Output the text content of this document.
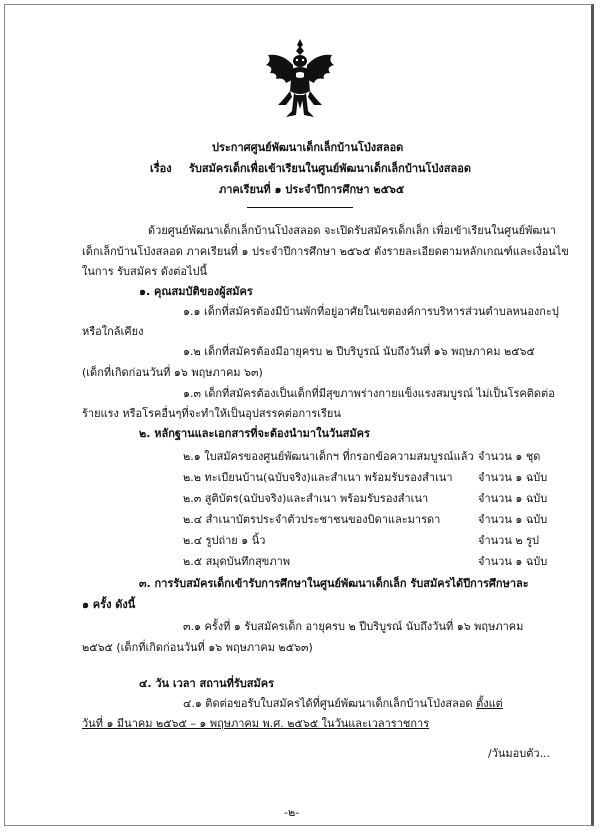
ประกาศศูนย์พัฒนาเด็กเล็กบ้านโป่งสลอด
เรื่อง รับสมัครเด็กเพื่อเข้าเรียนในศูนย์พัฒนาเด็กเล็กบ้านโป่งสลอด
ภาคเรียนที่ ๑ ประจำปีการศึกษา ๒๕๖๕
ด้วยศูนย์พัฒนาเด็กเล็กบ้านโป่งสลอด จะเปิดรับสมัครเด็กเล็ก เพื่อเข้าเรียนในศูนย์พัฒนา
เด็กเล็กบ้านโป่งสลอด ภาคเรียนที่ ๑ ประจำปีการศึกษา ๒๕๖๕ ดังรายละเอียดตามหลักเกณฑ์และเงื่อนไข
ในการ รับสมัคร ดังต่อไปนี้
๑. คุณสมบัติของผู้สมัคร
๑.๑ เด็กที่สมัครต้องมีบ้านพักที่อยู่อาศัยในเขตองค์การบริหารส่วนตำบลหนองกะปุ
หรือใกล้เคียง
๑.๒ เด็กที่สมัครต้องมีอายุครบ ๒ ปีบริบูรณ์ นับถึงวันที่ ๑๖ พฤษภาคม ๒๕๖๕
(เด็กที่เกิดก่อนวันที่ ๑๖ พฤษภาคม ๖๓)
๑.๓ เด็กที่สมัครต้องเป็นเด็กที่มีสุขภาพร่างกายแข็งแรงสมบูรณ์ ไม่เป็นโรคติดต่อ
ร้ายแรง หรือโรคอื่นๆที่จะทำให้เป็นอุปสรรคต่อการเรียน
๒. หลักฐานและเอกสารที่จะต้องนำมาในวันสมัคร
๒.๑ ใบสมัครของศูนย์พัฒนาเด็กฯ ที่กรอกข้อความสมบูรณ์แล้ว จำนวน ๑ ชุด
๒.๒ ทะเบียนบ้าน(ฉบับจริง)และสำเนา พร้อมรับรองสำเนา จำนวน ๑ ฉบับ
๒.๓ สูติบัตร(ฉบับจริง)และสำเนา พร้อมรับรองสำเนา	จำนวน ๑ ฉบับ
๒.๔ สำเนาบัตรประจำตัวประชาชนของบิดาและมารดา	จำนวน ๑ ฉบับ
๒.๔ รูปถ่าย ๑ นิ้ว	จำนวน ๒ รูป
๒.๕ สมุดบันทึกสุขภาพ	จำนวน ๑ ฉบับ
๓. การรับสมัครเด็กเข้ารับการศึกษาในศูนย์พัฒนาเด็กเล็ก รับสมัครได้ปีการศึกษาละ
๑ ครั้ง ดังนี้
๓.๑ ครั้งที่ ๑ รับสมัครเด็ก อายุครบ ๒ ปีบริบูรณ์ นับถึงวันที่ ๑๖ พฤษภาคม
๒๕๖๕ (เด็กที่เกิดก่อนวันที่ ๑๖ พฤษภาคม ๒๕๖๓)
๔. วัน เวลา สถานที่รับสมัคร
๔.๑ ติดต่อขอรับใบสมัครได้ที่ศูนย์พัฒนาเด็กเล็กบ้านโป่งสลอด ตั้งแต่
วันที่ ๑ มีนาคม ๒๕๖๕ – ๑ พฤษภาคม พ.ศ. ๒๕๖๕ ในวันและเวลาราชการ
/วันมอบตัว...
-๒-
